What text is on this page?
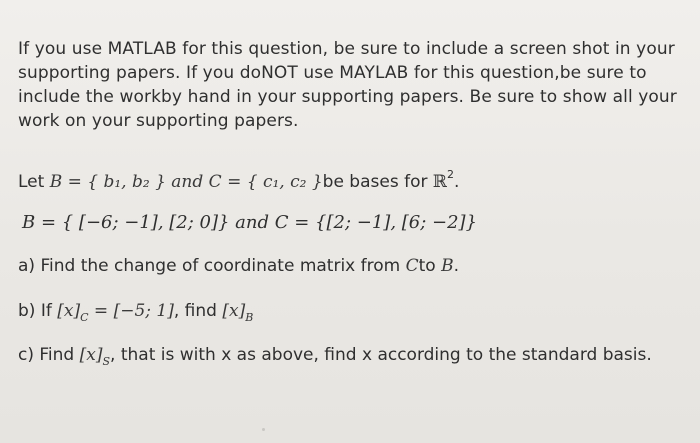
If you use MATLAB for this question, be sure to include a screen shot in your supporting papers. If you doNOT use MAYLAB for this question,be sure to include the workby hand in your supporting papers. Be sure to show all your work on your supporting papers.
Let B = { b₁, b₂ } and C = { c₁, c₂ }be bases for ℝ$^2$.
B = { [−6; −1], [2; 0]} and C = {[2; −1], [6; −2]}
a) Find the change of coordinate matrix from Cto B.
b) If $[x]_C = [-5$; 1], find $[x]_B$
c) Find $[x]_S$, that is with x as above, find x according to the standard basis.
